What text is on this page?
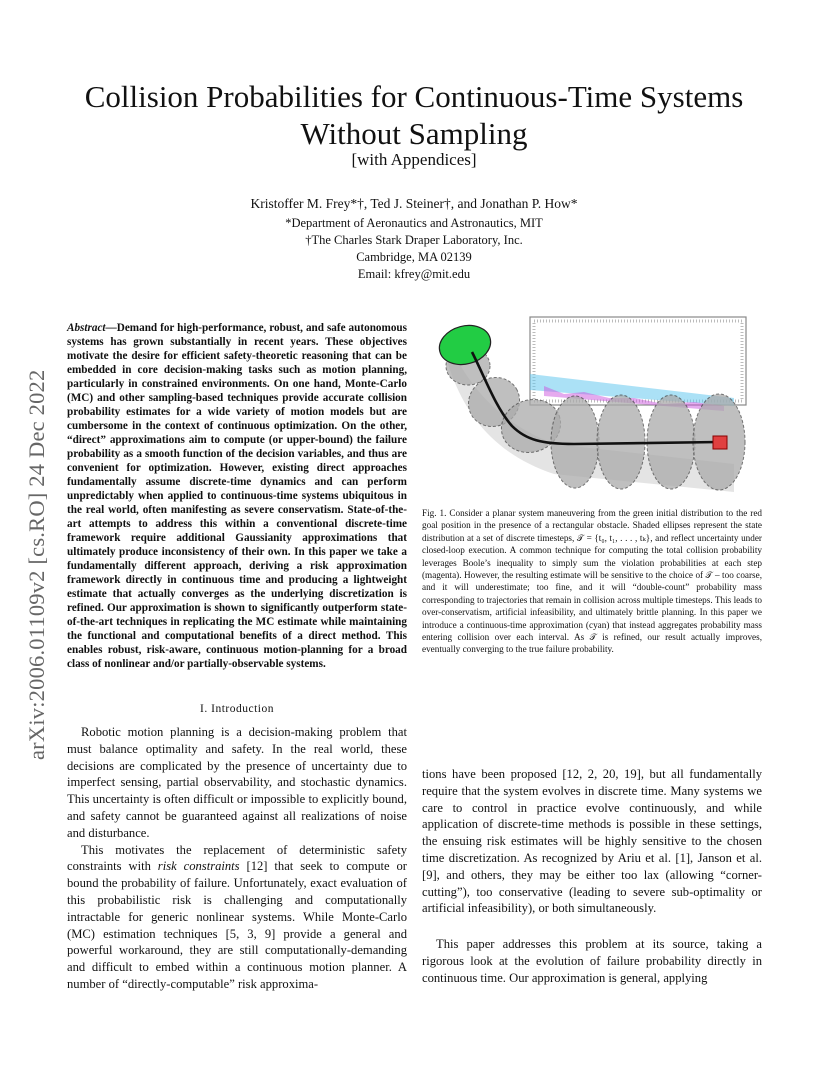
arXiv:2006.01109v2 [cs.RO] 24 Dec 2022
Collision Probabilities for Continuous-Time Systems
Without Sampling
[with Appendices]
Kristoffer M. Frey*†, Ted J. Steiner†, and Jonathan P. How*
*Department of Aeronautics and Astronautics, MIT
†The Charles Stark Draper Laboratory, Inc.
Cambridge, MA 02139
Email: kfrey@mit.edu
Abstract—Demand for high-performance, robust, and safe autonomous systems has grown substantially in recent years. These objectives motivate the desire for efficient safety-theoretic reasoning that can be embedded in core decision-making tasks such as motion planning, particularly in constrained environments. On one hand, Monte-Carlo (MC) and other sampling-based techniques provide accurate collision probability estimates for a wide variety of motion models but are cumbersome in the context of continuous optimization. On the other, “direct” approximations aim to compute (or upper-bound) the failure probability as a smooth function of the decision variables, and thus are convenient for optimization. However, existing direct approaches fundamentally assume discrete-time dynamics and can perform unpredictably when applied to continuous-time systems ubiquitous in the real world, often manifesting as severe conservatism. State-of-the-art attempts to address this within a conventional discrete-time framework require additional Gaussianity approximations that ultimately produce inconsistency of their own. In this paper we take a fundamentally different approach, deriving a risk approximation framework directly in continuous time and producing a lightweight estimate that actually converges as the underlying discretization is refined. Our approximation is shown to significantly outperform state-of-the-art techniques in replicating the MC estimate while maintaining the functional and computational benefits of a direct method. This enables robust, risk-aware, continuous motion-planning for a broad class of nonlinear and/or partially-observable systems.
I. Introduction

Robotic motion planning is a decision-making problem that must balance optimality and safety. In the real world, these decisions are complicated by the presence of uncertainty due to imperfect sensing, partial observability, and stochastic dynamics. This uncertainty is often difficult or impossible to explicitly bound, and safety cannot be guaranteed against all realizations of noise and disturbance.

This motivates the replacement of deterministic safety constraints with risk constraints [12] that seek to compute or bound the probability of failure. Unfortunately, exact evaluation of this probabilistic risk is challenging and computationally intractable for generic nonlinear systems. While Monte-Carlo (MC) estimation techniques [5, 3, 9] provide a general and powerful workaround, they are still computationally-demanding and difficult to embed within a continuous motion planner. A number of “directly-computable” risk approxima-

Fig. 1. Consider a planar system maneuvering from the green initial distribution to the red goal position in the presence of a rectangular obstacle. Shaded ellipses represent the state distribution at a set of discrete timesteps, 𝒯 = {t₀, t₁, . . . , tₖ}, and reflect uncertainty under closed-loop execution. A common technique for computing the total collision probability leverages Boole’s inequality to simply sum the violation probabilities at each step (magenta). However, the resulting estimate will be sensitive to the choice of 𝒯 – too coarse, and it will underestimate; too fine, and it will “double-count” probability mass corresponding to trajectories that remain in collision across multiple timesteps. This leads to over-conservatism, artificial infeasibility, and ultimately brittle planning. In this paper we introduce a continuous-time approximation (cyan) that instead aggregates probability mass entering collision over each interval. As 𝒯 is refined, our result actually improves, eventually converging to the true failure probability.

tions have been proposed [12, 2, 20, 19], but all fundamentally require that the system evolves in discrete time. Many systems we care to control in practice evolve continuously, and while application of discrete-time methods is possible in these settings, the ensuing risk estimates will be highly sensitive to the chosen time discretization. As recognized by Ariu et al. [1], Janson et al. [9], and others, they may be either too lax (allowing “corner-cutting”), too conservative (leading to severe sub-optimality or artificial infeasibility), or both simultaneously.

This paper addresses this problem at its source, taking a rigorous look at the evolution of failure probability directly in continuous time. Our approximation is general, applying
